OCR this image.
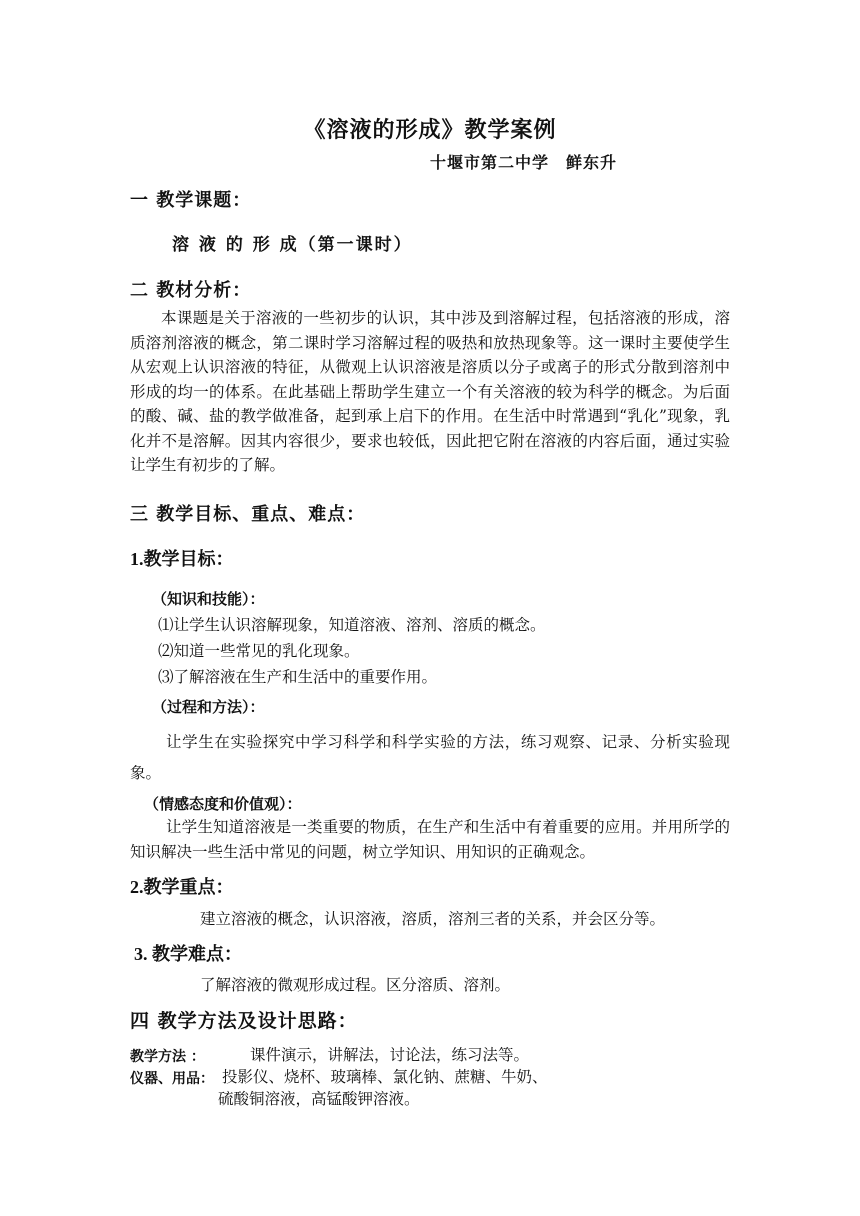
《溶液的形成》教学案例
十堰市第二中学　鲜东升
一 教学课题：
溶 液 的 形 成（第一课时）
二 教材分析：

本课题是关于溶液的一些初步的认识，其中涉及到溶解过程，包括溶液的形成，溶质溶剂溶液的概念，第二课时学习溶解过程的吸热和放热现象等。这一课时主要使学生从宏观上认识溶液的特征，从微观上认识溶液是溶质以分子或离子的形式分散到溶剂中形成的均一的体系。在此基础上帮助学生建立一个有关溶液的较为科学的概念。为后面的酸、碱、盐的教学做准备，起到承上启下的作用。在生活中时常遇到“乳化”现象，乳化并不是溶解。因其内容很少，要求也较低，因此把它附在溶液的内容后面，通过实验让学生有初步的了解。

三 教学目标、重点、难点：
1.教学目标：
（知识和技能）：
⑴让学生认识溶解现象，知道溶液、溶剂、溶质的概念。
⑵知道一些常见的乳化现象。
⑶了解溶液在生产和生活中的重要作用。
（过程和方法）：

让学生在实验探究中学习科学和科学实验的方法，练习观察、记录、分析实验现象。

（情感态度和价值观）：

让学生知道溶液是一类重要的物质，在生产和生活中有着重要的应用。并用所学的知识解决一些生活中常见的问题，树立学知识、用知识的正确观念。

2.教学重点：
建立溶液的概念，认识溶液，溶质，溶剂三者的关系，并会区分等。
3. 教学难点：
了解溶液的微观形成过程。区分溶质、溶剂。
四 教学方法及设计思路：
教学方法 ：	课件演示，讲解法，讨论法，练习法等。
仪器、用品： 投影仪、烧杯、玻璃棒、氯化钠、蔗糖、牛奶、
硫酸铜溶液，高锰酸钾溶液。
